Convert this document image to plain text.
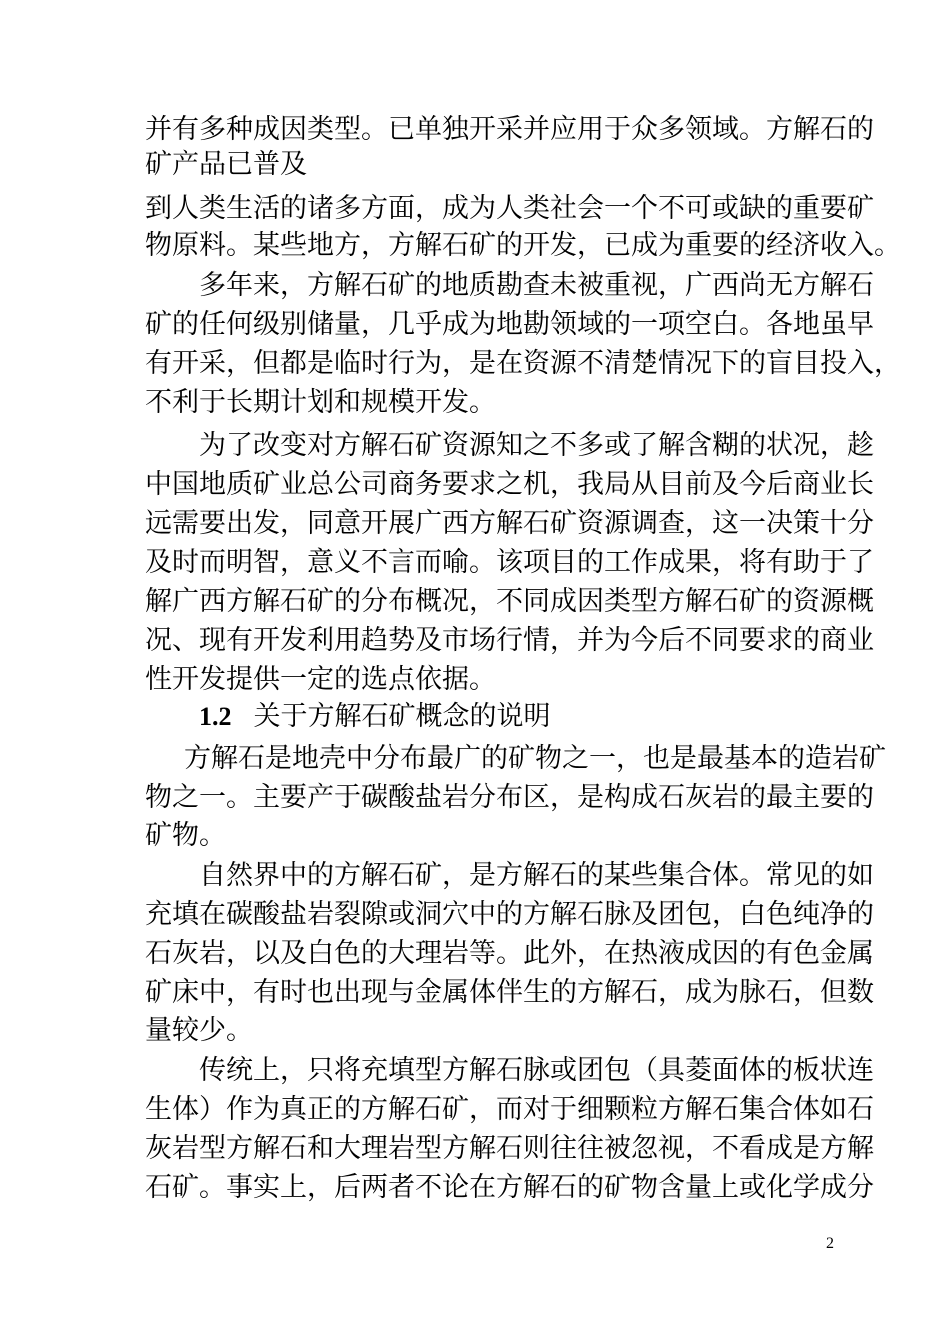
并有多种成因类型。已单独开采并应用于众多领域。方解石的
矿产品已普及
到人类生活的诸多方面，成为人类社会一个不可或缺的重要矿
物原料。某些地方，方解石矿的开发，已成为重要的经济收入。
多年来，方解石矿的地质勘查未被重视，广西尚无方解石
矿的任何级别储量，几乎成为地勘领域的一项空白。各地虽早
有开采，但都是临时行为，是在资源不清楚情况下的盲目投入，
不利于长期计划和规模开发。
为了改变对方解石矿资源知之不多或了解含糊的状况，趁
中国地质矿业总公司商务要求之机，我局从目前及今后商业长
远需要出发，同意开展广西方解石矿资源调查，这一决策十分
及时而明智，意义不言而喻。该项目的工作成果，将有助于了
解广西方解石矿的分布概况，不同成因类型方解石矿的资源概
况、现有开发利用趋势及市场行情，并为今后不同要求的商业
性开发提供一定的选点依据。
1.2 关于方解石矿概念的说明
方解石是地壳中分布最广的矿物之一，也是最基本的造岩矿
物之一。主要产于碳酸盐岩分布区，是构成石灰岩的最主要的
矿物。
自然界中的方解石矿，是方解石的某些集合体。常见的如
充填在碳酸盐岩裂隙或洞穴中的方解石脉及团包，白色纯净的
石灰岩，以及白色的大理岩等。此外，在热液成因的有色金属
矿床中，有时也出现与金属体伴生的方解石，成为脉石，但数
量较少。
传统上，只将充填型方解石脉或团包（具菱面体的板状连
生体）作为真正的方解石矿，而对于细颗粒方解石集合体如石
灰岩型方解石和大理岩型方解石则往往被忽视，不看成是方解
石矿。事实上，后两者不论在方解石的矿物含量上或化学成分
2
